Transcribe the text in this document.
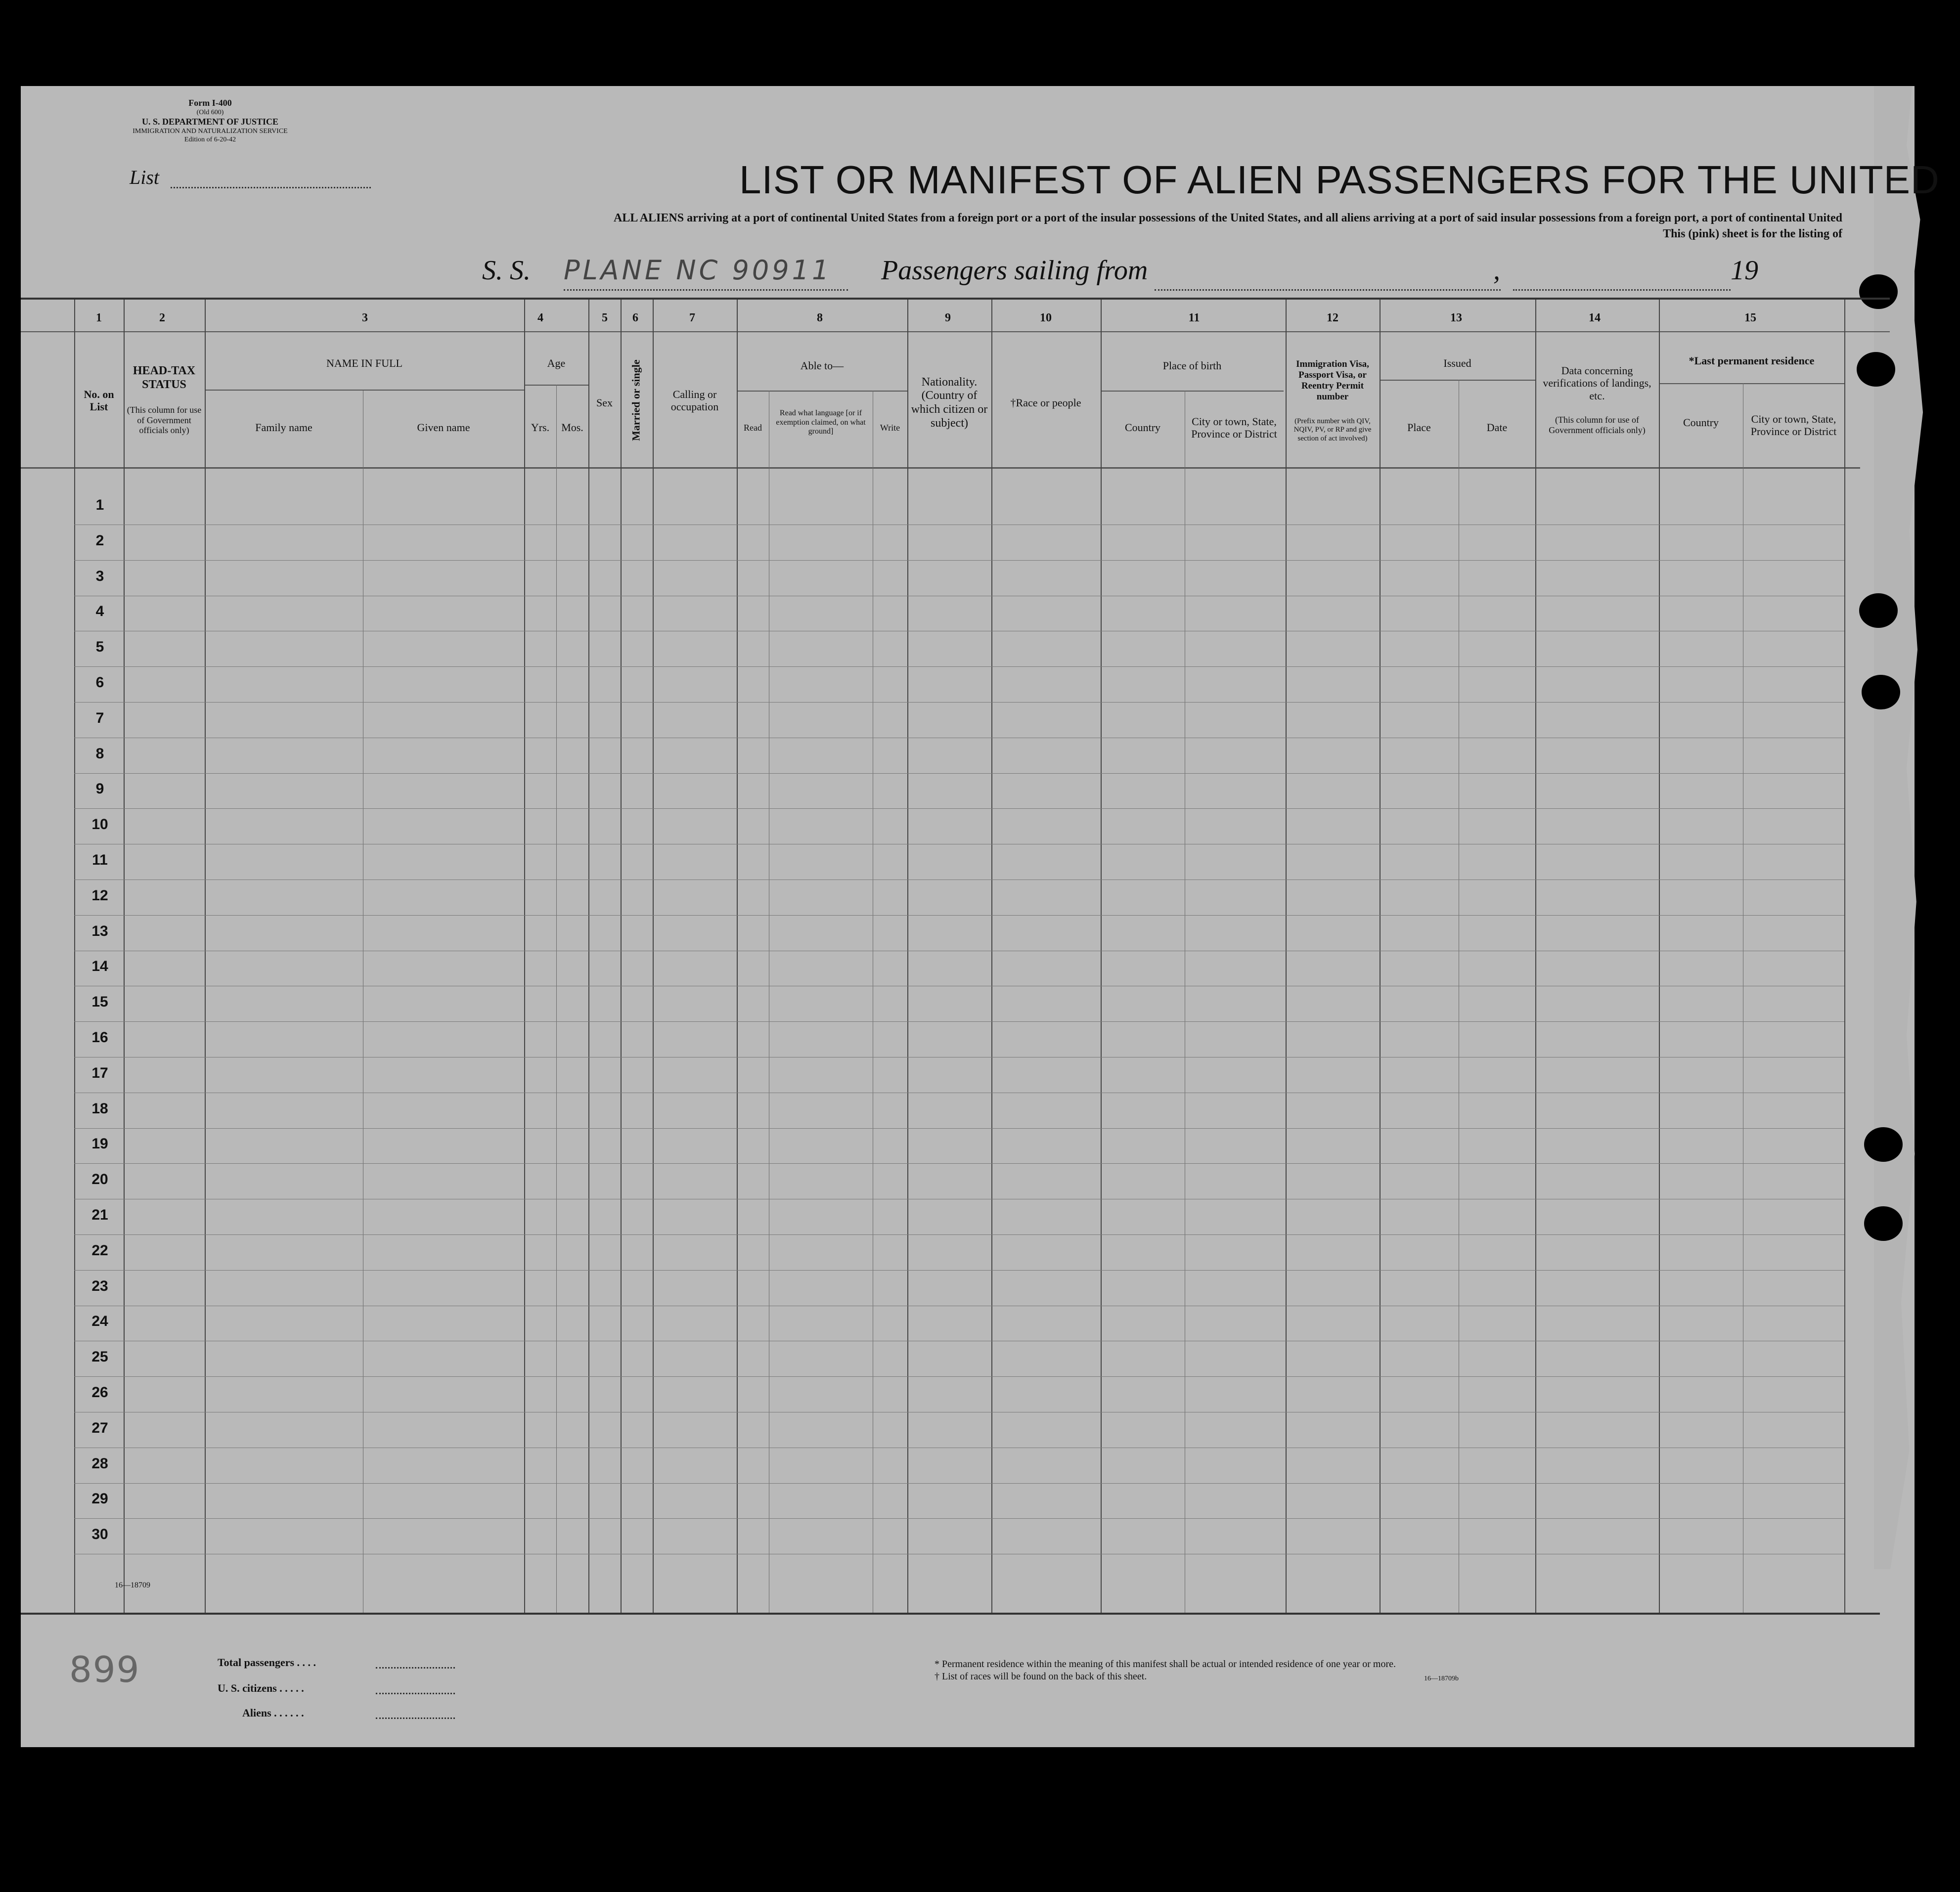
Form I-400
(Old 600)
U. S. DEPARTMENT OF JUSTICE
IMMIGRATION AND NATURALIZATION SERVICE
Edition of 6-20-42
List	LIST OR MANIFEST OF ALIEN PASSENGERS FOR THE UNITED
ALL ALIENS arriving at a port of continental United States from a foreign port or a port of the insular possessions of the United States, and all aliens arriving at a port of said insular possessions from a foreign port, a port of continental United
This (pink) sheet is for the listing of
S. S. PLANE NC 90911 Passengers sailing from	,	19
1	2	3	4	5 6	7	8	9	10	11	12	13	14	15
No. on List
HEAD-TAX STATUS
(This column for use of Government officials only)
NAME IN FULL
Family name	Given name
Age
Yrs.	Mos.
Sex	Married or single	Calling or occupation
Able to—
Read
Read what language [or if exemption claimed, on what ground]	Write
Nationality. (Country of which citizen or subject)
†Race or people
Place of birth
Country
City or town, State, Province or District
Immigration Visa, Passport Visa, or Reentry Permit number
(Prefix number with QIV, NQIV, PV, or RP and give section of act involved)
Issued
Place	Date
Data concerning verifications of landings, etc.
(This column for use of Government officials only)
*Last permanent residence
Country	City or town, State, Province or District
1
2
3
4
5
6
7
8
9
10
11
12
13
14
15
16
17
18
19
20
21
22
23
24
25
26
27
28
29
30
16—18709
899	Total passengers . . . .
U. S. citizens . . . . .
Aliens . . . . . .
* Permanent residence within the meaning of this manifest shall be actual or intended residence of one year or more.
† List of races will be found on the back of this sheet.	16—18709b
